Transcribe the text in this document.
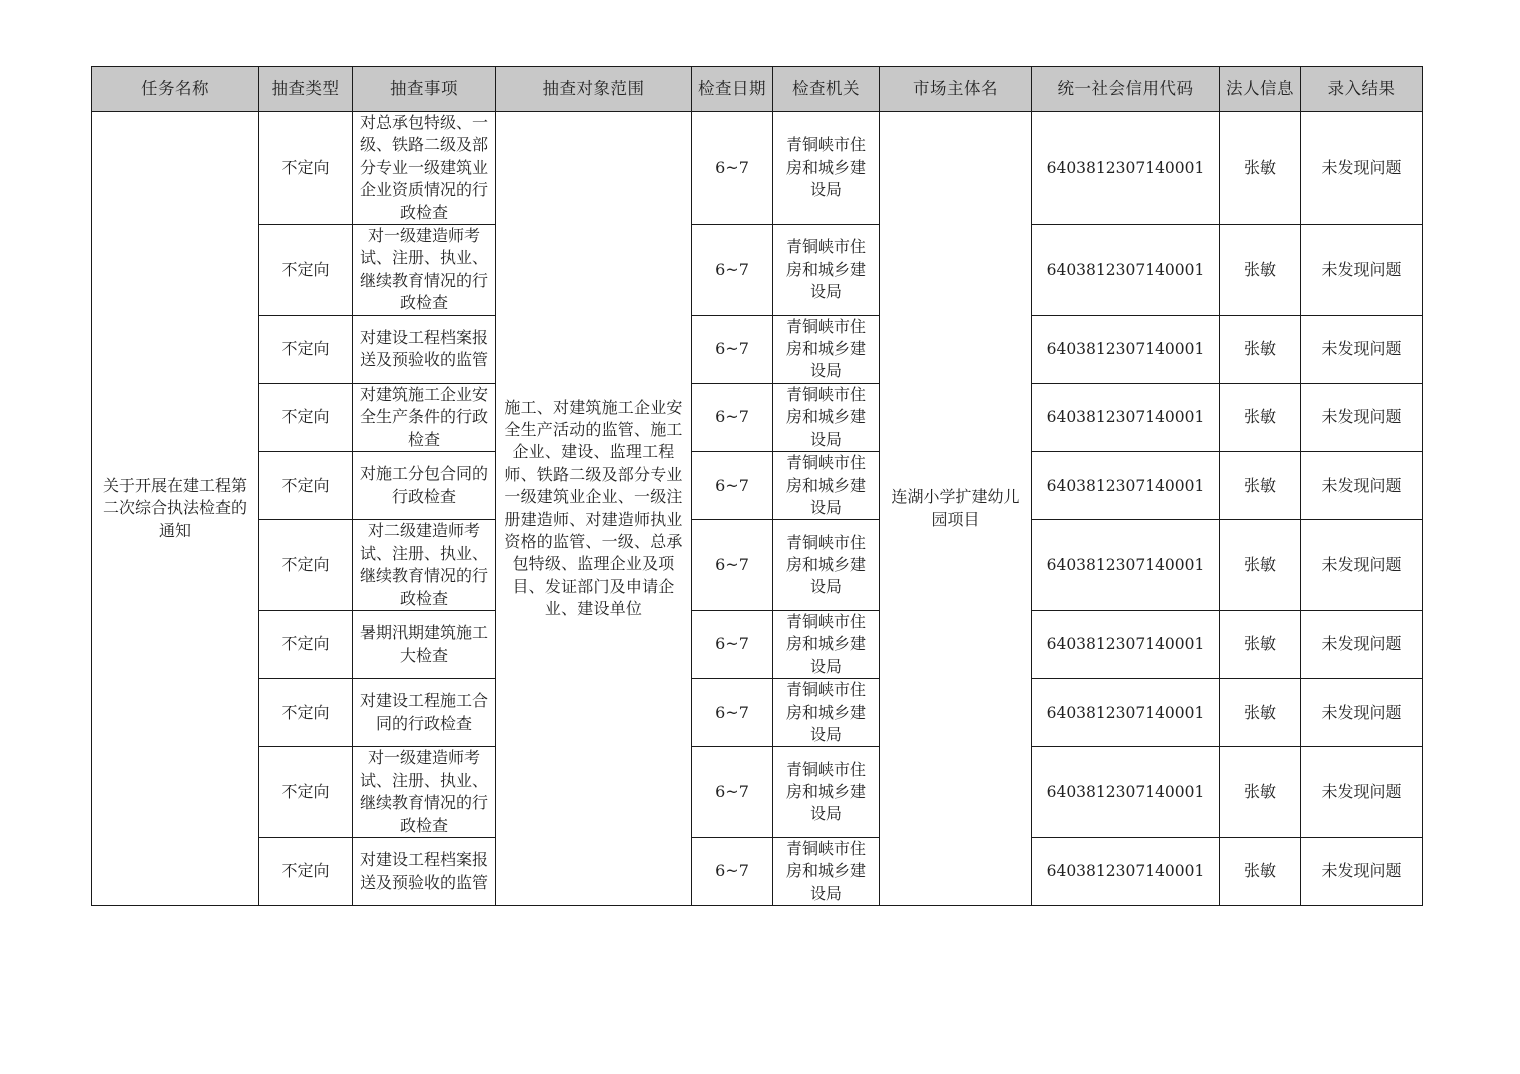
任务名称	抽查类型	抽查事项	抽查对象范围	检查日期	检查机关	市场主体名	统一社会信用代码	法人信息	录入结果
关于开展在建工程第二次综合执法检查的通知	不定向	对总承包特级、一级、铁路二级及部分专业一级建筑业企业资质情况的行政检查	施工、对建筑施工企业安全生产活动的监管、施工企业、建设、监理工程师、铁路二级及部分专业一级建筑业企业、一级注册建造师、对建造师执业资格的监管、一级、总承包特级、监理企业及项目、发证部门及申请企业、建设单位	6~7	青铜峡市住房和城乡建设局	连湖小学扩建幼儿园项目	6403812307140001	张敏	未发现问题
	不定向	对一级建造师考试、注册、执业、继续教育情况的行政检查		6~7	青铜峡市住房和城乡建设局		6403812307140001	张敏	未发现问题
	不定向	对建设工程档案报送及预验收的监管		6~7	青铜峡市住房和城乡建设局		6403812307140001	张敏	未发现问题
	不定向	对建筑施工企业安全生产条件的行政检查		6~7	青铜峡市住房和城乡建设局		6403812307140001	张敏	未发现问题
	不定向	对施工分包合同的行政检查		6~7	青铜峡市住房和城乡建设局		6403812307140001	张敏	未发现问题
	不定向	对二级建造师考试、注册、执业、继续教育情况的行政检查		6~7	青铜峡市住房和城乡建设局		6403812307140001	张敏	未发现问题
	不定向	暑期汛期建筑施工大检查		6~7	青铜峡市住房和城乡建设局		6403812307140001	张敏	未发现问题
	不定向	对建设工程施工合同的行政检查		6~7	青铜峡市住房和城乡建设局		6403812307140001	张敏	未发现问题
	不定向	对一级建造师考试、注册、执业、继续教育情况的行政检查		6~7	青铜峡市住房和城乡建设局		6403812307140001	张敏	未发现问题
	不定向	对建设工程档案报送及预验收的监管		6~7	青铜峡市住房和城乡建设局		6403812307140001	张敏	未发现问题
